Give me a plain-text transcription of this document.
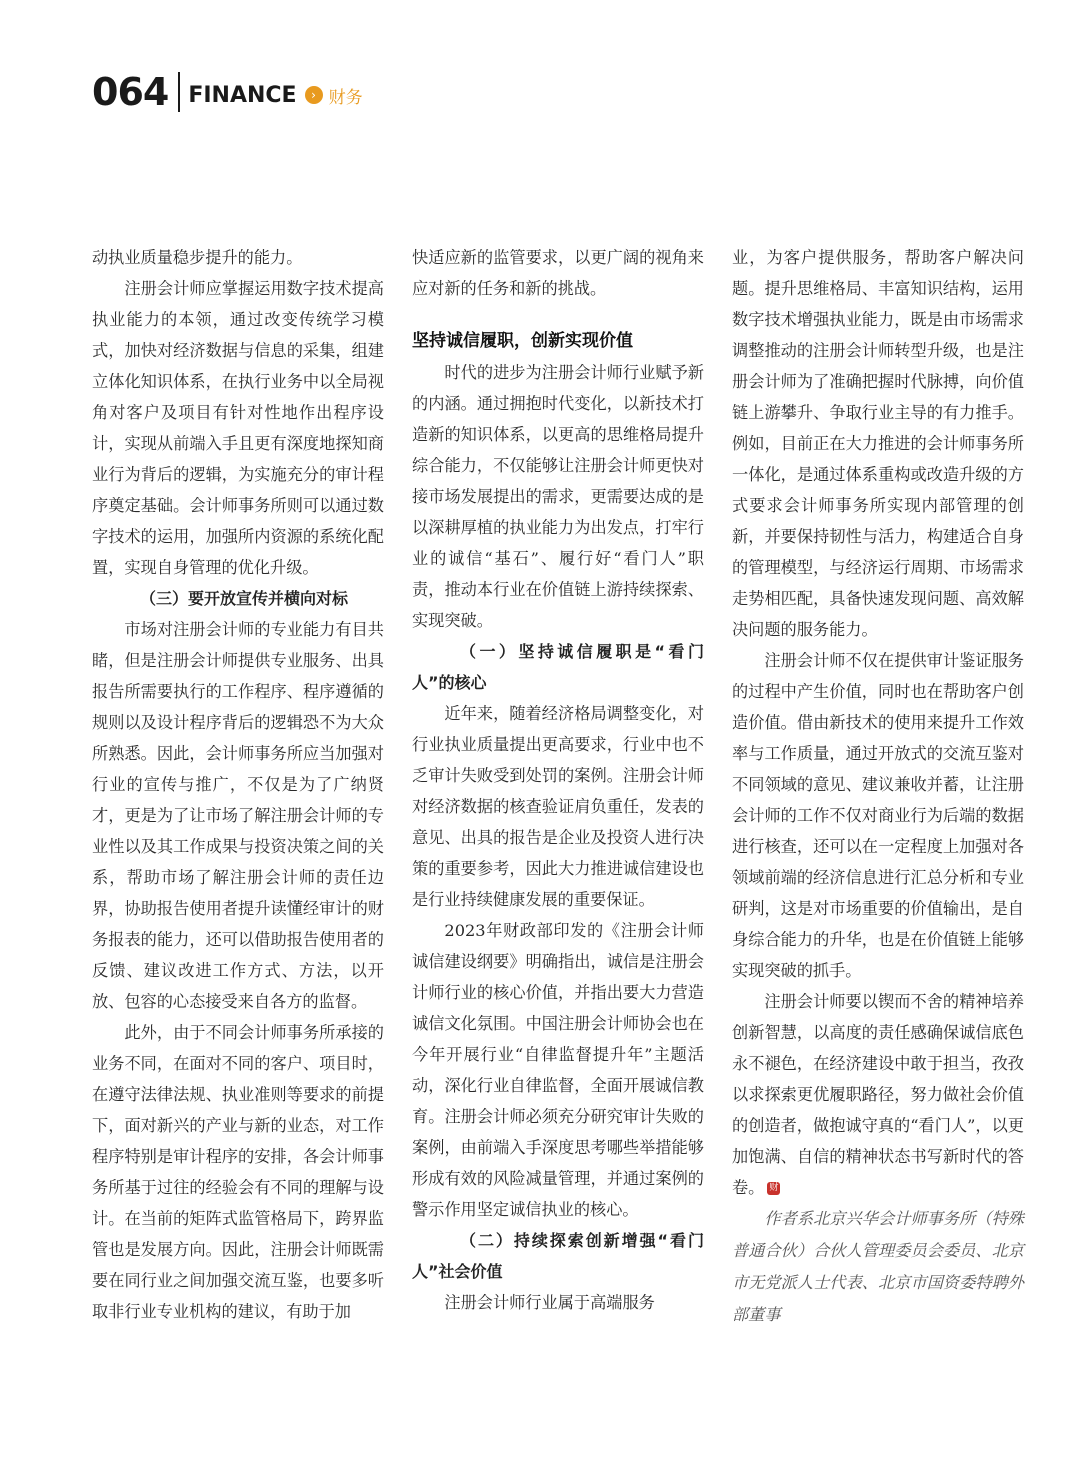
064 FINANCE	› 财务

动执业质量稳步提升的能力。

注册会计师应掌握运用数字技术提高执业能力的本领，通过改变传统学习模式，加快对经济数据与信息的采集，组建立体化知识体系，在执行业务中以全局视角对客户及项目有针对性地作出程序设计，实现从前端入手且更有深度地探知商业行为背后的逻辑，为实施充分的审计程序奠定基础。会计师事务所则可以通过数字技术的运用，加强所内资源的系统化配置，实现自身管理的优化升级。

（三）要开放宣传并横向对标

市场对注册会计师的专业能力有目共睹，但是注册会计师提供专业服务、出具报告所需要执行的工作程序、程序遵循的规则以及设计程序背后的逻辑恐不为大众所熟悉。因此，会计师事务所应当加强对行业的宣传与推广，不仅是为了广纳贤才，更是为了让市场了解注册会计师的专业性以及其工作成果与投资决策之间的关系，帮助市场了解注册会计师的责任边界，协助报告使用者提升读懂经审计的财务报表的能力，还可以借助报告使用者的反馈、建议改进工作方式、方法，以开放、包容的心态接受来自各方的监督。

此外，由于不同会计师事务所承接的业务不同，在面对不同的客户、项目时，在遵守法律法规、执业准则等要求的前提下，面对新兴的产业与新的业态，对工作程序特别是审计程序的安排，各会计师事务所基于过往的经验会有不同的理解与设计。在当前的矩阵式监管格局下，跨界监管也是发展方向。因此，注册会计师既需要在同行业之间加强交流互鉴，也要多听取非行业专业机构的建议，有助于加

快适应新的监管要求，以更广阔的视角来应对新的任务和新的挑战。

坚持诚信履职，创新实现价值

时代的进步为注册会计师行业赋予新的内涵。通过拥抱时代变化，以新技术打造新的知识体系，以更高的思维格局提升综合能力，不仅能够让注册会计师更快对接市场发展提出的需求，更需要达成的是以深耕厚植的执业能力为出发点，打牢行业的诚信“基石”、履行好“看门人”职责，推动本行业在价值链上游持续探索、实现突破。

（一）坚持诚信履职是“看门人”的核心

近年来，随着经济格局调整变化，对行业执业质量提出更高要求，行业中也不乏审计失败受到处罚的案例。注册会计师对经济数据的核查验证肩负重任，发表的意见、出具的报告是企业及投资人进行决策的重要参考，因此大力推进诚信建设也是行业持续健康发展的重要保证。

2023年财政部印发的《注册会计师诚信建设纲要》明确指出，诚信是注册会计师行业的核心价值，并指出要大力营造诚信文化氛围。中国注册会计师协会也在今年开展行业“自律监督提升年”主题活动，深化行业自律监督，全面开展诚信教育。注册会计师必须充分研究审计失败的案例，由前端入手深度思考哪些举措能够形成有效的风险减量管理，并通过案例的警示作用坚定诚信执业的核心。

（二）持续探索创新增强“看门人”社会价值

注册会计师行业属于高端服务

业，为客户提供服务，帮助客户解决问题。提升思维格局、丰富知识结构，运用数字技术增强执业能力，既是由市场需求调整推动的注册会计师转型升级，也是注册会计师为了准确把握时代脉搏，向价值链上游攀升、争取行业主导的有力推手。例如，目前正在大力推进的会计师事务所一体化，是通过体系重构或改造升级的方式要求会计师事务所实现内部管理的创新，并要保持韧性与活力，构建适合自身的管理模型，与经济运行周期、市场需求走势相匹配，具备快速发现问题、高效解决问题的服务能力。

注册会计师不仅在提供审计鉴证服务的过程中产生价值，同时也在帮助客户创造价值。借由新技术的使用来提升工作效率与工作质量，通过开放式的交流互鉴对不同领域的意见、建议兼收并蓄，让注册会计师的工作不仅对商业行为后端的数据进行核查，还可以在一定程度上加强对各领域前端的经济信息进行汇总分析和专业研判，这是对市场重要的价值输出，是自身综合能力的升华，也是在价值链上能够实现突破的抓手。

注册会计师要以锲而不舍的精神培养创新智慧，以高度的责任感确保诚信底色永不褪色，在经济建设中敢于担当，孜孜以求探索更优履职路径，努力做社会价值的创造者，做抱诚守真的“看门人”，以更加饱满、自信的精神状态书写新时代的答卷。 财

作者系北京兴华会计师事务所（特殊普通合伙）合伙人管理委员会委员、北京市无党派人士代表、北京市国资委特聘外部董事
